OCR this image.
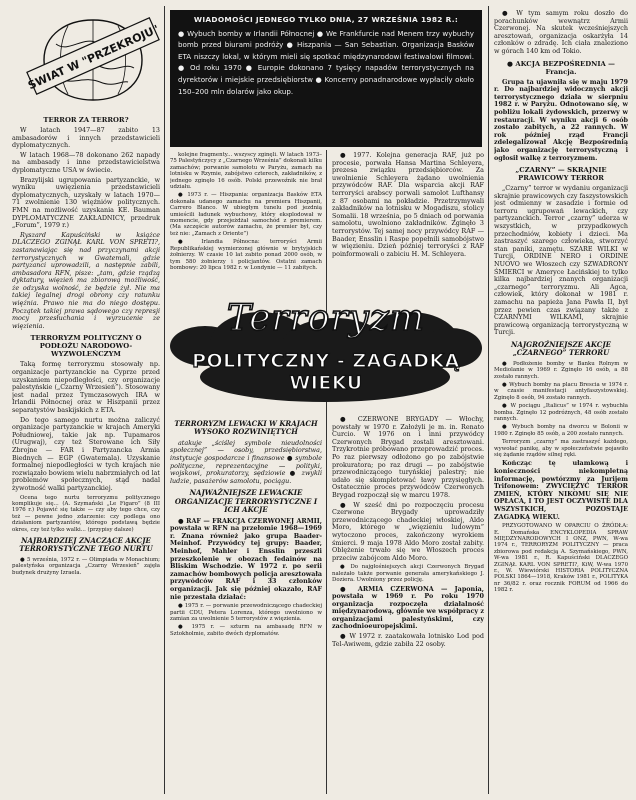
ŚWIAT W "PRZEKROJU"
WIADOMOŚCI JEDNEGO TYLKO DNIA, 27 WRZEŚNIA 1982 R.:
● Wybuch bomby w Irlandii Północnej ● We Frankfurcie nad Menem trzy wybuchy bomb przed biurami podróży ● Hiszpania — San Sebastian. Organizacja Basków ETA niszczy lokal, w którym mieli się spotkać międzynarodowi festiwalowi filmowi. ● Od roku 1970 ● Europie dokonano 7 tysięcy napadów terrorystycznych na dyrektorów i miejskie przedsiębiorstw ● Koncerny ponadnarodowe wypłaciły około 150–200 mln dolarów jako okup.
TERROR ZA TERROR?

W latach 1947—87 zabito 13 ambasadorów i innych przedstawicieli dyplomatycznych.

W latach 1968—78 dokonano 262 napady na ambasady i inne przedstawicielstwa dyplomatyczne USA w świecie.

Brazylijski ugrupowania partyzanckie, w wyniku uwięzienia przedstawicieli dyplomatycznych, uzyskały w latach 1970—71 zwolnienie 130 więźniów politycznych. FMN na możliwość uzyskania KE. Bauman DYPLOMATYCZNE ZAKŁADNICY, przedruk „Forum”, 1979 r.)

Ryszard Kapuściński w książce DLACZEGO ZGINĄŁ KARL VON SPRETI?, zastanawiając się nad przyczynami akcji terrorystycznych w Gwatemali, gdzie partyzanci uprowadzili, a następnie zabili, ambasadora RFN, pisze: „tam, gdzie rządzą dyktatury, więzień ma zbiorową możliwość, że odzyska wolność, że będzie żył. Nie ma takiej legalnej drogi obrony czy ratunku więźnia. Prawo nie ma do niego dostępu. Początek takiej prawa sądowego czy represji mocy przesłuchania i wyrzucenie ze więzienia.

TERRORYZM POLITYCZNY O PODŁOŻU NARODOWO-WYZWOLEŃCZYM

Taką formę terroryzmu stosowały np. organizacje partyzanckie na Cyprze przed uzyskaniem niepodległości, czy organizacje palestyńskie („Czarny Wrzesień”). Stosowany jest nadal przez Tymczasowych IRA w Irlandii Północnej oraz w Hiszpanii przez separatystów baskijskich z ETA.

Do tego samego nurtu można zaliczyć organizacje partyzanckie w krajach Ameryki Południowej, takie jak np. Tupamaros (Urugwaj), czy też Sterowane ich Siły Zbrojne — FAR i Partyzancka Armia Biednych — EGP (Gwatemala). Uzyskanie formalnej niepodległości w tych krajach nie rozwiązało bowiem wielu nabrzmiałych od lat problemów społecznych, stąd nadal żywotność walki partyzanckiej.

Ocena tego nurtu terroryzmu politycznego komplikuje się... (A. Szymański „Le Figaro” (8 III 1976 r.) Pojawić się także — czy aby tego chce, czy też — pewne jedno zdarzenie: czy podlega ono działaniom partyzantów, którego podstawą będzie okres, czy też tylko walki... (przypisy dalsze)

NAJBARDZIEJ ZNACZĄCE AKCJE TERRORYSTYCZNE TEGO NURTU

● 5 września, 1972 r. — Olimpiada w Monachium; palestyńska organizacja „Czarny Wrzesień” zajęła budynek drużyny Izraela.

kolejne fragmenty... wszyscy zginęli. W latach 1973–75 Palestyńczycy z „Czarnego Września” dokonali kilku zamachów; porwanie samolotu w Paryżu, zamach na lotnisku w Rzymie, zabójstwo czterech, zakładników, z jednego zginęło 16 osób. Polski przewoźnik nie brał udziału.

● 1973 r. — Hiszpania: organizacja Basków ETA dokonała udanego zamachu na premiera Hiszpanii, Carrero Blanco. W ubiegłym tunelu pod jezdnią umieścili ładunek wybuchowy, który eksplodował w momencie, gdy przejeżdżał samochód z premierem. (Ma szczęście autorów zamachu, że premier był, czy też nie: „Zamach z Oriente”)

● Irlandia Północna: terroryści Armii Republikańskiej wymierzonej głównie w brytyjskich żołnierzy. W czasie 10 lat zabito ponad 2000 osób, w tym 580 żołnierzy i policjantów. Ostatni zamach bombowy: 20 lipca 1982 r. w Londynie — 11 zabitych.

● 1977. Kolejna generacja RAF, już po procesie, porwała Hansa Martina Schleyera, prezesa związku przedsiębiorców. Za uwolnienie Schleyera żądano uwolnienia przywódców RAF. Dla wsparcia akcji RAF terroryści arabscy porwali samolot Lufthansy z 87 osobami na pokładzie. Przetrzymywali zakładników na lotnisku w Mogadiszu, stolicy Somalii. 18 września, po 5 dniach od porwania samolotu, uwolniono zakładników. Zginęło 3 terrorystów. Tej samej nocy przywódcy RAF — Baader, Ensslin i Raspe popełnili samobójstwo w więzieniu. Dzień później terroryści z RAF poinformowali o zabiciu H. M. Schleyera.

Terroryzm
POLITYCZNY - ZAGADKĄ WIEKU
TERRORYZM LEWACKI W KRAJACH WYSOKO ROZWINIĘTYCH

atakuje „ściślej symbole nieudolności społecznej” — osoby, przedsiębiorstwa, instytucje gospodarcze i finansowe ● symbole polityczne, reprezentacyjne — polityki, wojskowi, prokuratorzy, sędziowie ● zwykli ludzie, pasażerów samolotu, pociągu.

NAJWAŻNIEJSZE LEWACKIE ORGANIZACJE TERRORYSTYCZNE I ICH AKCJE

● RAF — FRAKCJA CZERWONEJ ARMII, powstała w RFN na przełomie 1968—1969 r. Znana również jako grupa Baader-Meinhof. Przywódcy tej grupy: Baader, Meinhof, Mahler i Ensslin przeszli przeszkolenie w obozach fedainów na Bliskim Wschodzie. W 1972 r. po serii zamachów bombowych policja aresztowała przywódców RAF i 33 członków organizacji. Jak się później okazało, RAF nie przestała działać:

● 1975 r. — porwanie przewodniczącego chadeckiej partii CDU, Petera Lorenza, którego uwolniono w zamian za uwolnienie 5 terrorystów z więzienia.

● 1975 r. — szturm na ambasadę RFN w Sztokholmie, zabito dwóch dyplomatów.

● CZERWONE BRYGADY — Włochy, powstały w 1970 r. Założyli je m. in. Renato Curcio. W 1976 on i inni przywódcy Czerwonych Brygad zostali aresztowani. Trzykrotnie próbowano przeprowadzić proces. Po raz pierwszy odłożono go po zabójstwie prokuratora; po raz drugi — po zabójstwie przewodniczącego turyńskiej palestry; nie udało się skompletować ławy przysięgłych. Ostatecznie proces przywódców Czerwonych Brygad rozpoczął się w marcu 1978.

● W sześć dni po rozpoczęciu procesu Czerwone Brygady uprowadziły przewodniczącego chadeckiej włoskiej, Aldo Moro, którego w „więzieniu ludowym” wytoczono proces, zakończony wyrokiem śmierci. 9 maja 1978 Aldo Moro został zabity. Oblężenie trwało się we Włoszech proces przeciw zabójcom Aldo Moro.

● Do najgłośniejszych akcji Czerwonych Brygad należało także porwanie generała amerykańskiego J. Doziera. Uwolniony przez policję.

● ARMIA CZERWONA — Japonia, powstała w 1969 r. Po roku 1970 organizacja rozpoczęła działalność międzynarodową, głównie we współpracy z organizacjami palestyńskimi, czy zachodnioeuropejskimi.

● W 1972 r. zaatakowała lotnisko Lod pod Tel-Awiwem, gdzie zabiła 22 osoby.

● W tym samym roku doszło do porachunków wewnątrz Armii Czerwonej. Na skutek wcześniejszych aresztowań, organizacja oskarżyła 14 członków o zdradę. Ich ciała znaleziono w górach 140 km od Tokio.

● AKCJA BEZPOŚREDNIA — Francja.

Grupa ta ujawniła się w maju 1979 r. Do najbardziej widocznych akcji terrorystycznego działa w sierpniu 1982 r. w Paryżu. Odnotowano się, w pobliżu lokali żydowskich, przerwy w restauracji. W wyniku akcji 6 osób zostało zabitych, a 22 rannych. W rok później rząd Francji zdelegalizował Akcję Bezpośrednią jako organizację terrorystyczną i ogłosił walkę z terroryzmem.

„CZARNY” — SKRAJNIE PRAWICOWY TERROR

„Czarny” terror w wydaniu organizacji skrajnie prawicowych czy faszystowskich jest odmienny w zasadzie i formie od terroru ugrupowań lewackich, czy partyzanckich. Terror „czarny” uderza w wszystkich, w przypadkowych przechodniów, kobiety i dzieci. Ma zastraszyć szarego człowieka, stworzyć stan paniki, zamętu. SZARE WILKI w Turcji, ORDINE NERO i ORDINE NUOVO we Włoszech czy SZWADRONY ŚMIERCI w Ameryce Łacińskiej to tylko kilka najbardziej znanych organizacji „czarnego” terroryzmu. Ali Agca, człowiek, który dokonał w 1981 r. zamachu na papieża Jana Pawła II, był przez pewien czas związany także z CZARNYMI WILKAMI, skrajnie prawicową organizacją terrorystyczną w Turcji.

NAJGROŹNIEJSZE AKCJE „CZARNEGO” TERRORU

● Podłożenie bomby w Banku Rolnym w Mediolanie w 1969 r. Zginęło 16 osób, a 88 zostało rannych.

● Wybuch bomby na placu Brescia w 1974 r. w czasie manifestacji antyfaszystowskiej. Zginęło 8 osób, 94 zostało rannych.

● W pociągu „Italicus” w 1974 r. wybuchła bomba. Zginęło 12 podróżnych, 48 osób zostało rannych.

● Wybuch bomby na dworcu w Bolonii w 1980 r. Zginęło 85 osób, a 200 zostało rannych.

Terroryzm „czarny” ma zastraszyć każdego, wywołać panikę, aby w społeczeństwie pojawiło się żądanie rządów silnej ręki.

Kończąc tę ułamkową i konieczności niekompletną informację, powtórzmy za Jurijem Trifonowem: ZWYCIĘŻYĆ TERROR ZMIEŃ, KTÓRY NIKOMU SIĘ NIE OPŁACA, I TO JEST OCZYWISTE DLA WSZYSTKICH, POZOSTAJE ZAGADKĄ WIEKU.

PRZYGOTOWANO W OPARCIU O ŹRÓDŁA: E. Domańska ENCYKLOPEDIA SPRAW MIĘDZYNARODOWYCH I ONZ, PWN, W-wa 1974 r., TERRORYZM POLITYCZNY — praca zbiorowa pod redakcją A. Szymańskiego, PWN, W-wa 1981 r., R. Kapuściński DLACZEGO ZGINĄŁ KARL VON SPRETI?, KiW, W-wa 1970 r., W. Wiewiórski HISTORIA POLITYCZNA POLSKI 1864—1918, Kraków 1981 r., POLITYKA nr 36/82 r. oraz rocznik FORUM od 1966 do 1982 r.
